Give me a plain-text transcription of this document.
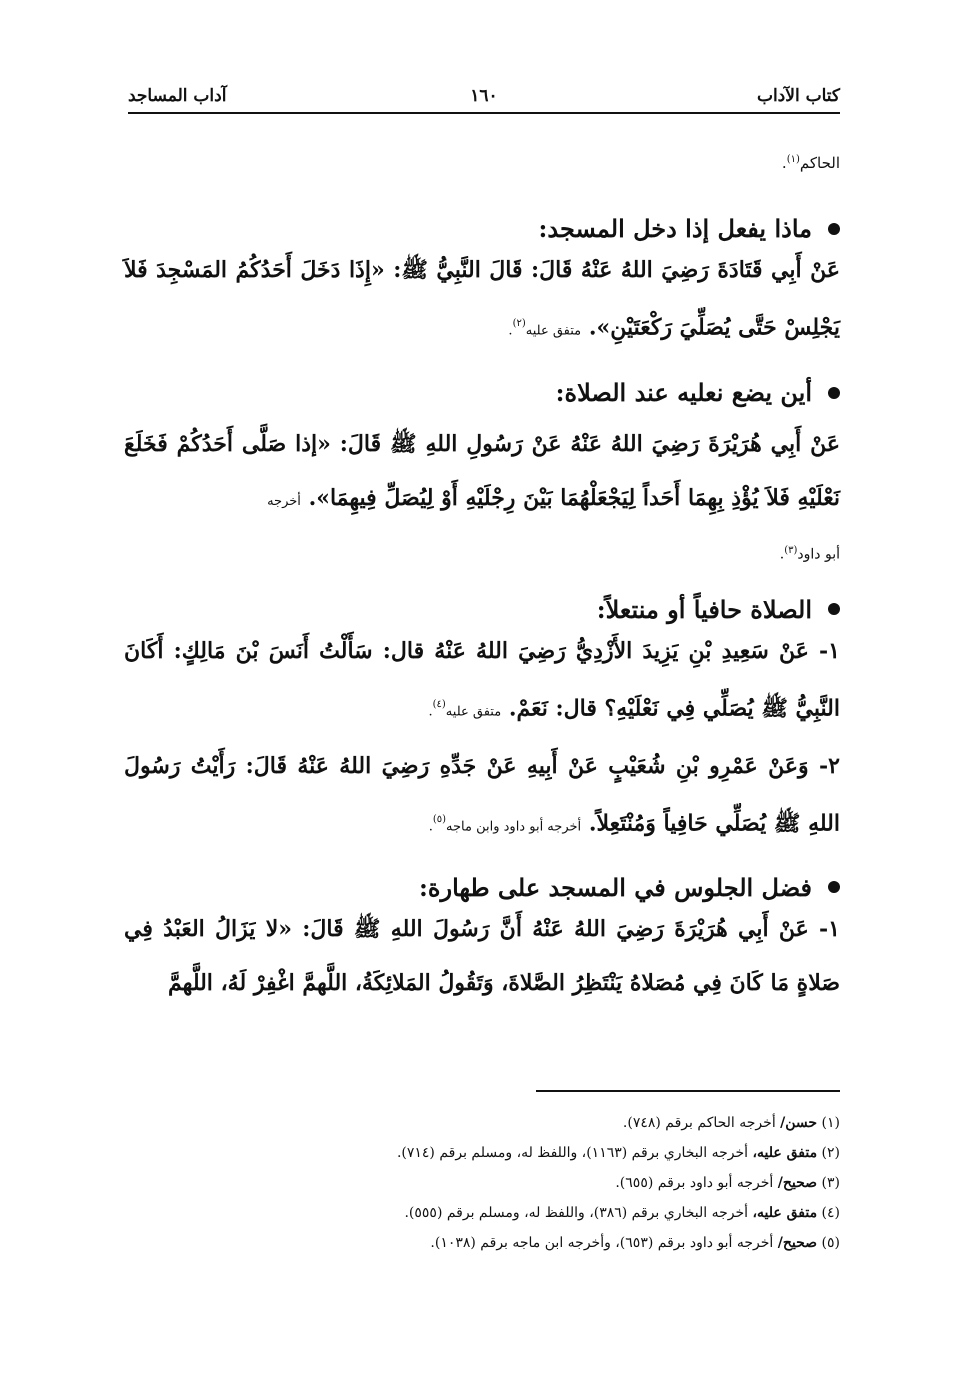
كتاب الآداب
١٦٠
آداب المساجد

الحاكم$^{(١)}$.

ماذا يفعل إذا دخل المسجد:

عَنْ أَبِي قَتَادَةَ رَضِيَ اللهُ عَنْهُ قَالَ: قَالَ النَّبِيُّ ﷺ: «إِذَا دَخَلَ أَحَدُكُمُ المَسْجِدَ فَلاَ يَجْلِسْ حَتَّى يُصَلِّيَ رَكْعَتَيْنِ». متفق عليه$^{(٢)}$.

أين يضع نعليه عند الصلاة:

عَنْ أَبِي هُرَيْرَةَ رَضِيَ اللهُ عَنْهُ عَنْ رَسُولِ اللهِ ﷺ قَالَ: «إذا صَلَّى أَحَدُكُمْ فَخَلَعَ نَعْلَيْهِ فَلاَ يُؤْذِ بِهِمَا أَحَداً لِيَجْعَلْهُمَا بَيْنَ رِجْلَيْهِ أَوْ لِيُصَلِّ فِيهِمَا». أخرجه

أبو داود$^{(٣)}$.

الصلاة حافياً أو منتعلاً:

١- عَنْ سَعِيدِ بْنِ يَزِيدَ الأَزْدِيُّ رَضِيَ اللهُ عَنْهُ قال: سَأَلْتُ أَنَسَ بْنَ مَالِكٍ: أَكَانَ النَّبِيُّ ﷺ يُصَلِّي فِي نَعْلَيْهِ؟ قال: نَعَمْ. متفق عليه$^{(٤)}$.

٢- وَعَنْ عَمْرِو بْنِ شُعَيْبٍ عَنْ أَبِيهِ عَنْ جَدِّهِ رَضِيَ اللهُ عَنْهُ قَالَ: رَأَيْتُ رَسُولَ اللهِ ﷺ يُصَلِّي حَافِياً وَمُنْتَعِلاً. أخرجه أبو داود وابن ماجه$^{(٥)}$.

فضل الجلوس في المسجد على طهارة:

١- عَنْ أَبِي هُرَيْرَةَ رَضِيَ اللهُ عَنْهُ أَنَّ رَسُولَ اللهِ ﷺ قَالَ: «لا يَزَالُ العَبْدُ فِي صَلاةٍ مَا كَانَ فِي مُصَلاهُ يَنْتَظِرُ الصَّلاةَ، وَتَقُولُ المَلائِكَةُ، اللَّهمَّ اغْفِرْ لَهُ، اللَّهمَّ

(١) حسن/ أخرجه الحاكم برقم (٧٤٨).
(٢) متفق عليه، أخرجه البخاري برقم (١١٦٣)، واللفظ له، ومسلم برقم (٧١٤).
(٣) صحيح/ أخرجه أبو داود برقم (٦٥٥).
(٤) متفق عليه، أخرجه البخاري برقم (٣٨٦)، واللفظ له، ومسلم برقم (٥٥٥).
(٥) صحيح/ أخرجه أبو داود برقم (٦٥٣)، وأخرجه ابن ماجه برقم (١٠٣٨).
